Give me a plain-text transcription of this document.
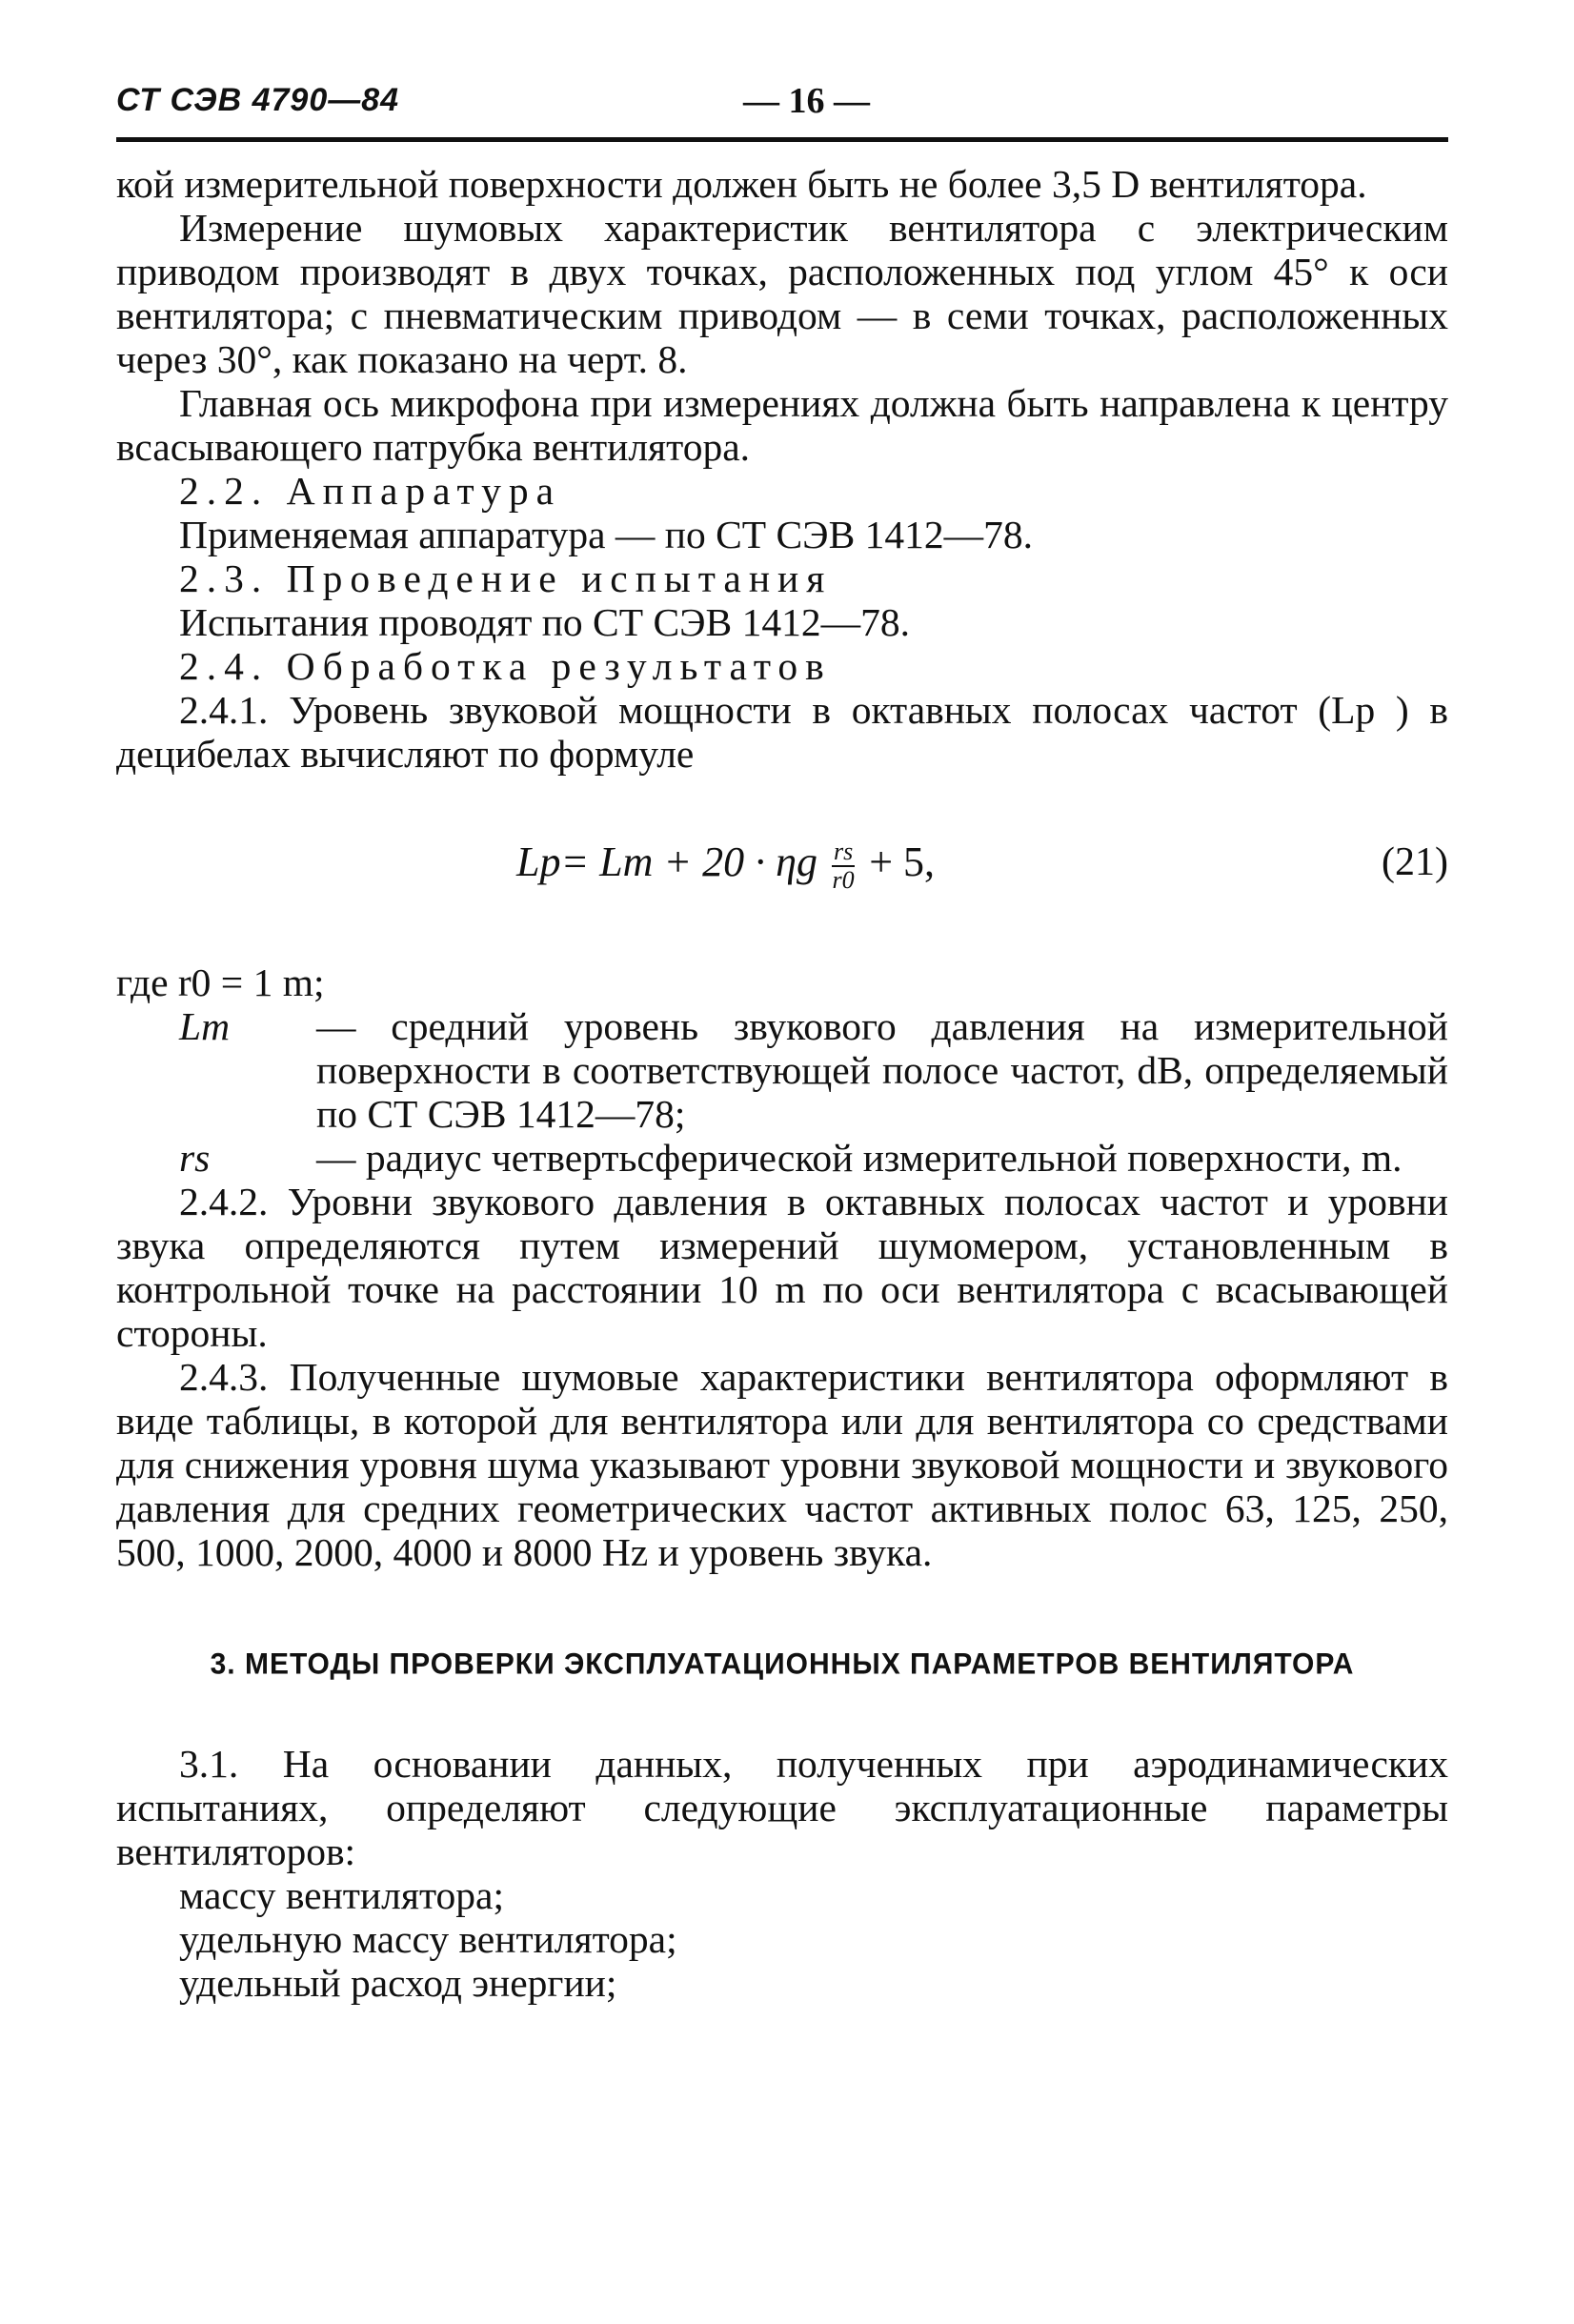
СТ СЭВ 4790—84	— 16 —

кой измерительной поверхности должен быть не более 3,5 D вентилятора.

Измерение шумовых характеристик вентилятора с электрическим приводом производят в двух точках, расположенных под углом 45° к оси вентилятора; с пневматическим приводом — в семи точках, расположенных через 30°, как показано на черт. 8.

Главная ось микрофона при измерениях должна быть направлена к центру всасывающего патрубка вентилятора.

2.2. Аппаратура

Применяемая аппаратура — по СТ СЭВ 1412—78.

2.3. Проведение испытания

Испытания проводят по СТ СЭВ 1412—78.

2.4. Обработка результатов

2.4.1. Уровень звуковой мощности в октавных полосах частот (Lp ) в децибелах вычисляют по формуле

Lp= Lm + 20 · ηg $\frac{rs}{r0} + 5$,	(21)

где r0 = 1 m;

Lm	— средний уровень звукового давления на измерительной поверхности в соответствующей полосе частот, dB, определяемый по СТ СЭВ 1412—78;
rs	— радиус четвертьсферической измерительной поверхности, m.

2.4.2. Уровни звукового давления в октавных полосах частот и уровни звука определяются путем измерений шумомером, установленным в контрольной точке на расстоянии 10 m по оси вентилятора с всасывающей стороны.

2.4.3. Полученные шумовые характеристики вентилятора оформляют в виде таблицы, в которой для вентилятора или для вентилятора со средствами для снижения уровня шума указывают уровни звуковой мощности и звукового давления для средних геометрических частот активных полос 63, 125, 250, 500, 1000, 2000, 4000 и 8000 Hz и уровень звука.

3. МЕТОДЫ ПРОВЕРКИ ЭКСПЛУАТАЦИОННЫХ ПАРАМЕТРОВ ВЕНТИЛЯТОРА

3.1. На основании данных, полученных при аэродинамических испытаниях, определяют следующие эксплуатационные параметры вентиляторов:

массу вентилятора;

удельную массу вентилятора;

удельный расход энергии;
